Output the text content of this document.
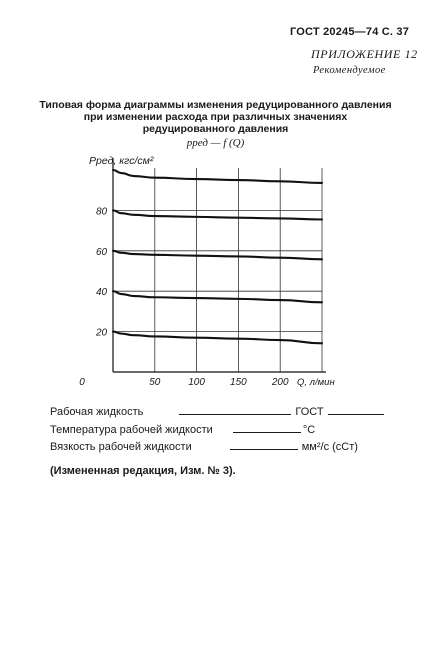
ГОСТ 20245—74 С. 37
ПРИЛОЖЕНИЕ 12
Рекомендуемое
Типовая форма диаграммы изменения редуцированного давления
при изменении расхода при различных значениях
редуцированного давления
pред — f (Q)
0	50	100	150	200
20
40
60
80
Pред, кгс/см²
Q, л/мин
Рабочая жидкость	ГОСТ
Температура рабочей жидкости	°C
Вязкость рабочей жидкости	мм²/с (сСт)
(Измененная редакция, Изм. № 3).
